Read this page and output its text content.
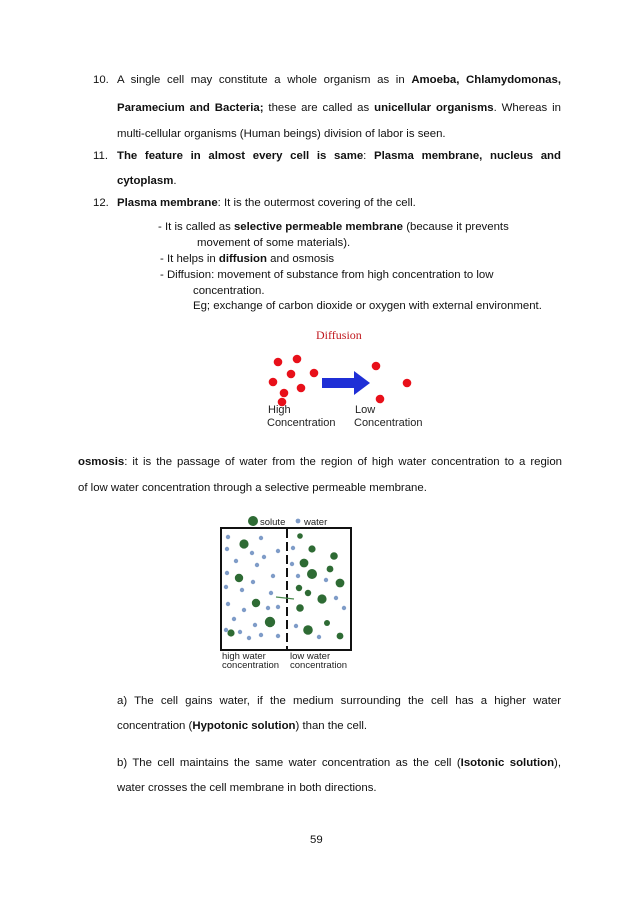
10. A single cell may constitute a whole organism as in Amoeba, Chlamydomonas,
Paramecium and Bacteria; these are called as unicellular organisms. Whereas in
multi-cellular organisms (Human beings) division of labor is seen.
11. The feature in almost every cell is same: Plasma membrane, nucleus and
cytoplasm.
12. Plasma membrane: It is the outermost covering of the cell.
- It is called as selective permeable membrane (because it prevents
movement of some materials).
- It helps in diffusion and osmosis
- Diffusion: movement of substance from high concentration to low
concentration.
Eg; exchange of carbon dioxide or oxygen with external environment.
Diffusion
High
Concentration
Low
Concentration
osmosis: it is the passage of water from the region of high water concentration to a region
of low water concentration through a selective permeable membrane.
solute water
high water
concentration
low water
concentration
a) The cell gains water, if the medium surrounding the cell has a higher water
concentration (Hypotonic solution) than the cell.
b) The cell maintains the same water concentration as the cell (Isotonic solution),
water crosses the cell membrane in both directions.
59
